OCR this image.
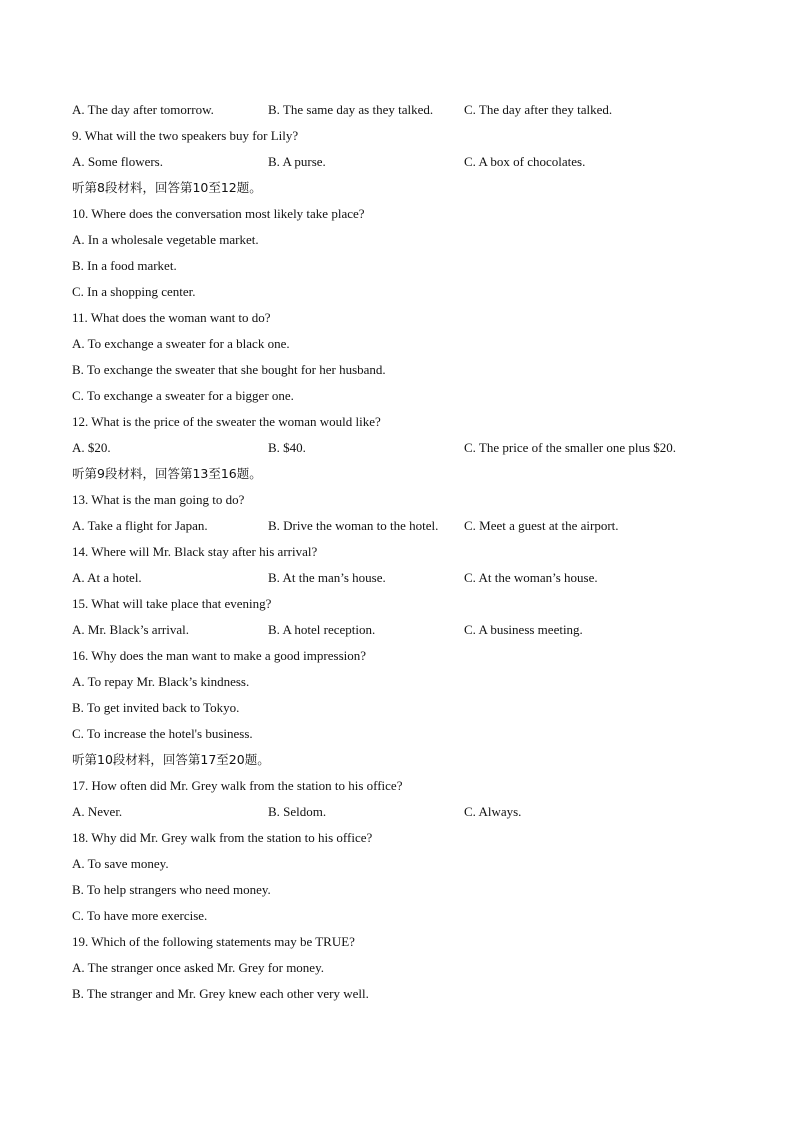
A. The day after tomorrow.	B. The same day as they talked. C. The day after they talked.
9. What will the two speakers buy for Lily?
A. Some flowers.	B. A purse.	C. A box of chocolates.
听第8段材料，回答第10至12题。
10. Where does the conversation most likely take place?
A. In a wholesale vegetable market.
B. In a food market.
C. In a shopping center.
11. What does the woman want to do?
A. To exchange a sweater for a black one.
B. To exchange the sweater that she bought for her husband.
C. To exchange a sweater for a bigger one.
12. What is the price of the sweater the woman would like?
A. $20.	B. $40.	C. The price of the smaller one plus $20.
听第9段材料，回答第13至16题。
13. What is the man going to do?
A. Take a flight for Japan.	B. Drive the woman to the hotel. C. Meet a guest at the airport.
14. Where will Mr. Black stay after his arrival?
A. At a hotel.	B. At the man’s house.	C. At the woman’s house.
15. What will take place that evening?
A. Mr. Black’s arrival.	B. A hotel reception.	C. A business meeting.
16. Why does the man want to make a good impression?
A. To repay Mr. Black’s kindness.
B. To get invited back to Tokyo.
C. To increase the hotel's business.
听第10段材料，回答第17至20题。
17. How often did Mr. Grey walk from the station to his office?
A. Never.	B. Seldom.	C. Always.
18. Why did Mr. Grey walk from the station to his office?
A. To save money.
B. To help strangers who need money.
C. To have more exercise.
19. Which of the following statements may be TRUE?
A. The stranger once asked Mr. Grey for money.
B. The stranger and Mr. Grey knew each other very well.
